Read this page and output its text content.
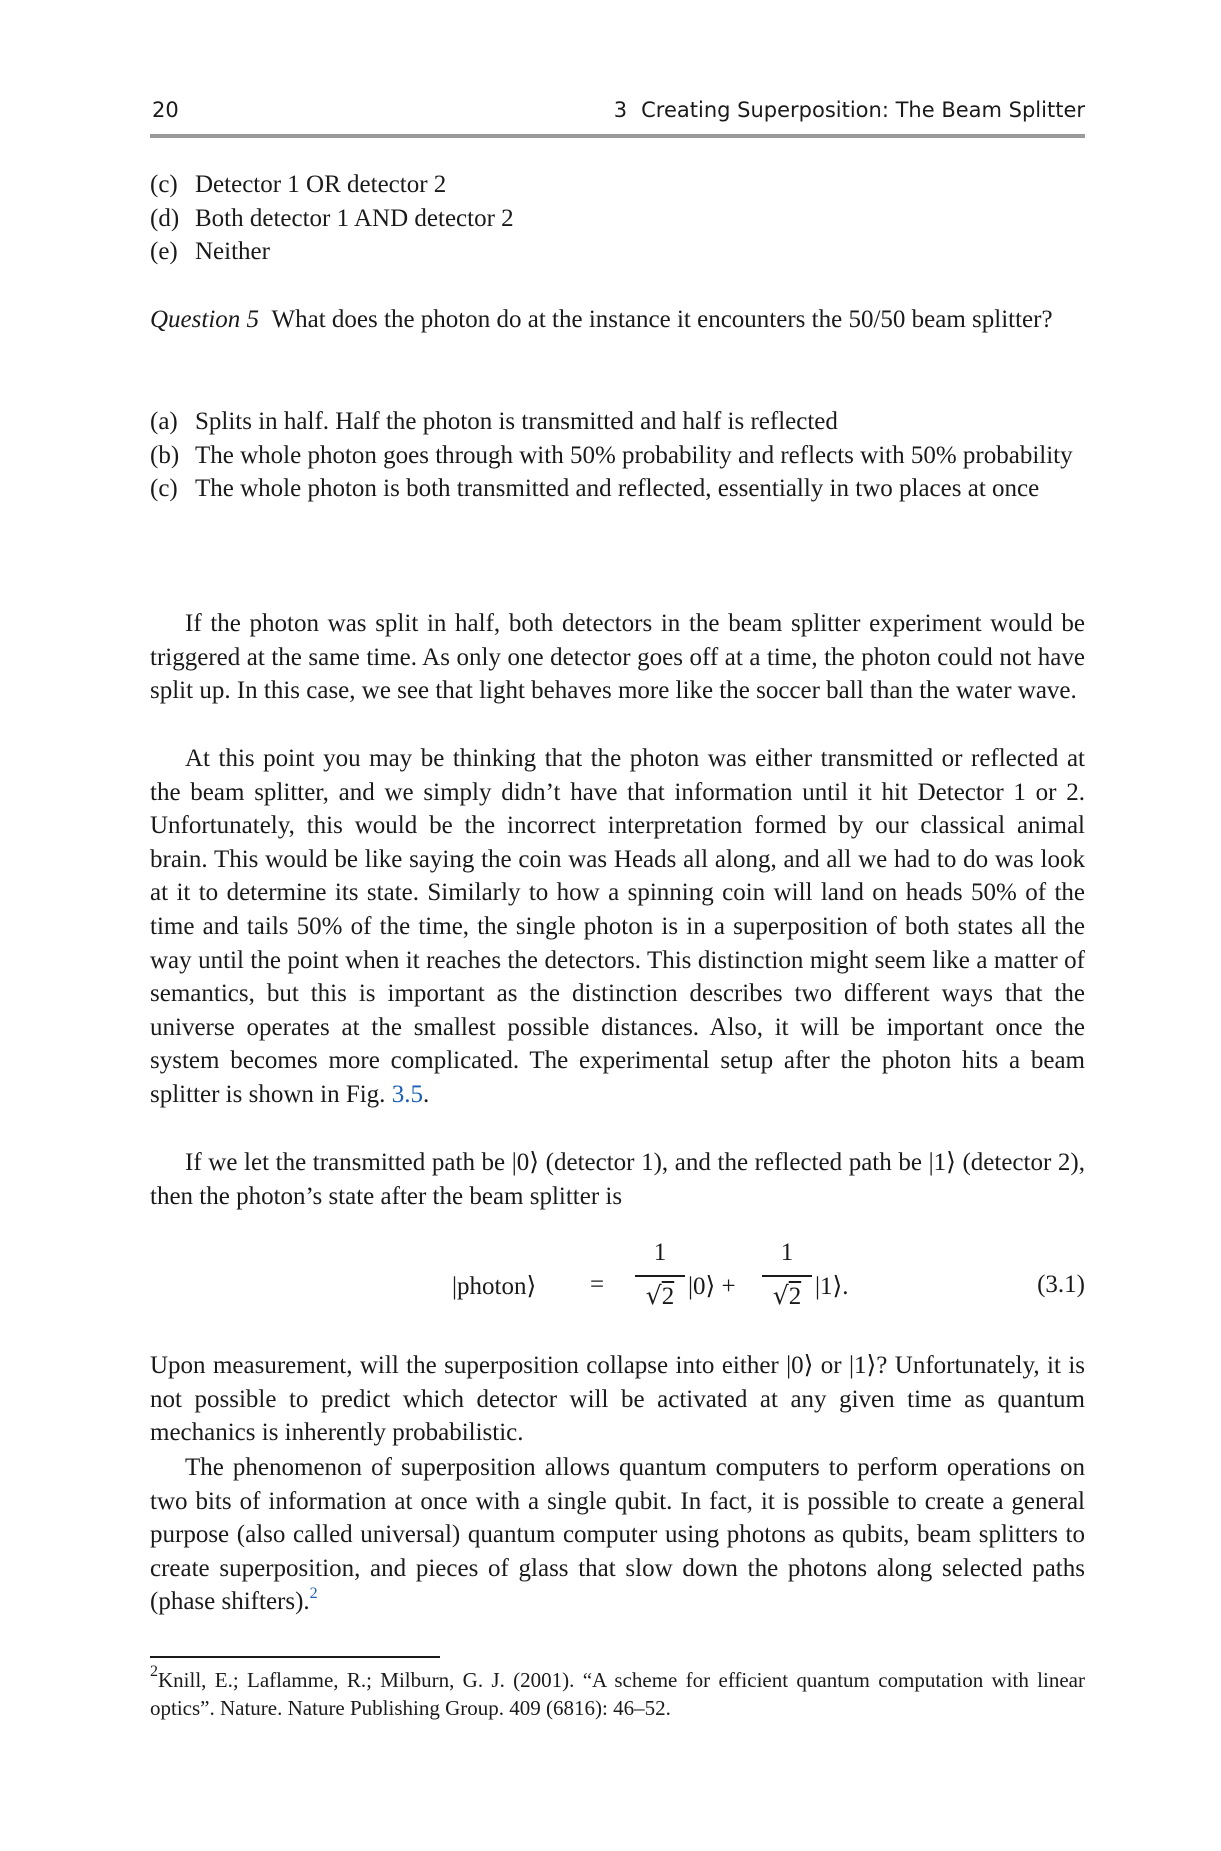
20	3 Creating Superposition: The Beam Splitter
(c) Detector 1 OR detector 2
(d) Both detector 1 AND detector 2
(e) Neither
Question 5 What does the photon do at the instance it encounters the 50/50 beam splitter?
(a) Splits in half. Half the photon is transmitted and half is reflected
(b) The whole photon goes through with 50% probability and reflects with 50% probability
(c) The whole photon is both transmitted and reflected, essentially in two places at once
If the photon was split in half, both detectors in the beam splitter experiment would be triggered at the same time. As only one detector goes off at a time, the photon could not have split up. In this case, we see that light behaves more like the soccer ball than the water wave.
At this point you may be thinking that the photon was either transmitted or reflected at the beam splitter, and we simply didn’t have that information until it hit Detector 1 or 2. Unfortunately, this would be the incorrect interpretation formed by our classical animal brain. This would be like saying the coin was Heads all along, and all we had to do was look at it to determine its state. Similarly to how a spinning coin will land on heads 50% of the time and tails 50% of the time, the single photon is in a superposition of both states all the way until the point when it reaches the detectors. This distinction might seem like a matter of semantics, but this is important as the distinction describes two different ways that the universe operates at the smallest possible distances. Also, it will be important once the system becomes more complicated. The experimental setup after the photon hits a beam splitter is shown in Fig. 3.5.
If we let the transmitted path be |0⟩ (detector 1), and the reflected path be |1⟩ (detector 2), then the photon’s state after the beam splitter is
|photon⟩ =
1
√2 |0⟩ +
1
√2 |1⟩.	(3.1)
Upon measurement, will the superposition collapse into either |0⟩ or |1⟩? Unfortunately, it is not possible to predict which detector will be activated at any given time as quantum mechanics is inherently probabilistic.
The phenomenon of superposition allows quantum computers to perform operations on two bits of information at once with a single qubit. In fact, it is possible to create a general purpose (also called universal) quantum computer using photons as qubits, beam splitters to create superposition, and pieces of glass that slow down the photons along selected paths (phase shifters).$^2$
$^2$Knill, E.; Laflamme, R.; Milburn, G. J. (2001). “A scheme for efficient quantum computation with linear optics”. Nature. Nature Publishing Group. 409 (6816): 46–52.
